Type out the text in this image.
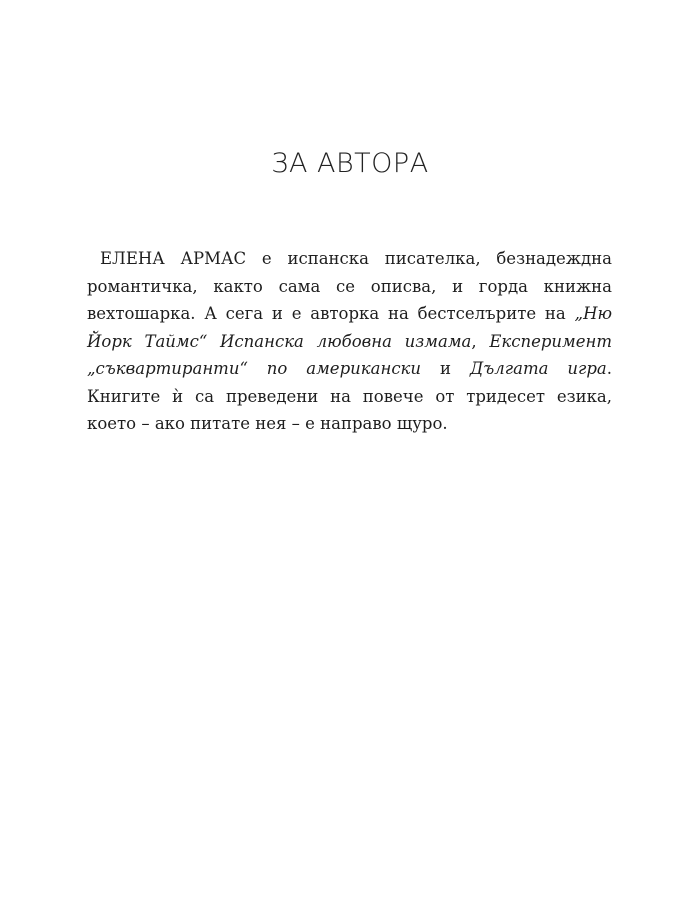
ЗА АВТОРА

ЕЛЕНА АРМАС е испанска писателка, безнадеждна романтичка, както сама се описва, и горда книжна вехтошарка. А сега и е авторка на бестселърите на „Ню Йорк Таймс“ Испанска любовна измама, Експеримент „съквартиранти“ по американски и Дългата игра. Книгите ѝ са преведени на повече от тридесет езика, което – ако питате нея – е направо щуро.
